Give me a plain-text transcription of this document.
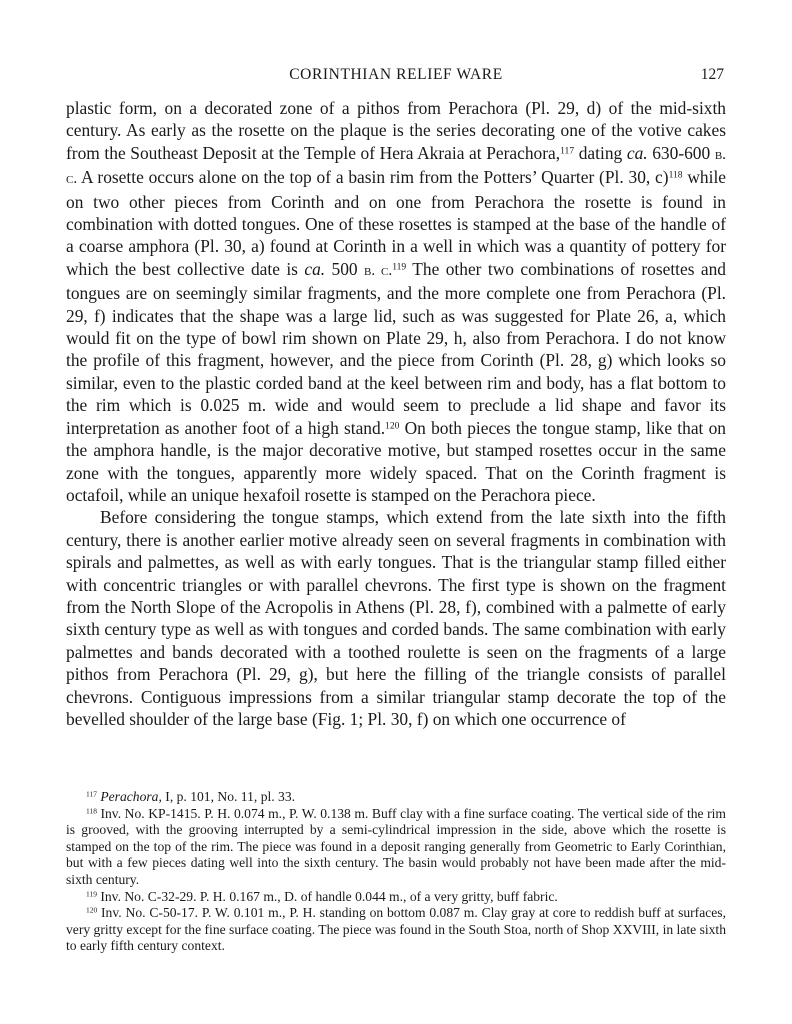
CORINTHIAN RELIEF WARE	127

plastic form, on a decorated zone of a pithos from Perachora (Pl. 29, d) of the mid-sixth century. As early as the rosette on the plaque is the series decorating one of the votive cakes from the Southeast Deposit at the Temple of Hera Akraia at Perachora,$^{117}$ dating ca. 630-600 b. c. A rosette occurs alone on the top of a basin rim from the Potters’ Quarter (Pl. 30, c)$^{118}$ while on two other pieces from Corinth and on one from Perachora the rosette is found in combination with dotted tongues. One of these rosettes is stamped at the base of the handle of a coarse amphora (Pl. 30, a) found at Corinth in a well in which was a quantity of pottery for which the best collective date is ca. 500 b. c.$^{119}$ The other two combinations of rosettes and tongues are on seemingly similar fragments, and the more complete one from Perachora (Pl. 29, f) indicates that the shape was a large lid, such as was suggested for Plate 26, a, which would fit on the type of bowl rim shown on Plate 29, h, also from Perachora. I do not know the profile of this fragment, however, and the piece from Corinth (Pl. 28, g) which looks so similar, even to the plastic corded band at the keel between rim and body, has a flat bottom to the rim which is 0.025 m. wide and would seem to preclude a lid shape and favor its interpretation as another foot of a high stand.$^{120}$ On both pieces the tongue stamp, like that on the amphora handle, is the major decorative motive, but stamped rosettes occur in the same zone with the tongues, apparently more widely spaced. That on the Corinth fragment is octafoil, while an unique hexafoil rosette is stamped on the Perachora piece.

Before considering the tongue stamps, which extend from the late sixth into the fifth century, there is another earlier motive already seen on several fragments in combination with spirals and palmettes, as well as with early tongues. That is the triangular stamp filled either with concentric triangles or with parallel chevrons. The first type is shown on the fragment from the North Slope of the Acropolis in Athens (Pl. 28, f), combined with a palmette of early sixth century type as well as with tongues and corded bands. The same combination with early palmettes and bands decorated with a toothed roulette is seen on the fragments of a large pithos from Perachora (Pl. 29, g), but here the filling of the triangle consists of parallel chevrons. Contiguous impressions from a similar triangular stamp decorate the top of the bevelled shoulder of the large base (Fig. 1; Pl. 30, f) on which one occurrence of

$^{117}$ Perachora, I, p. 101, No. 11, pl. 33.

$^{118}$ Inv. No. KP-1415. P. H. 0.074 m., P. W. 0.138 m. Buff clay with a fine surface coating. The vertical side of the rim is grooved, with the grooving interrupted by a semi-cylindrical impression in the side, above which the rosette is stamped on the top of the rim. The piece was found in a deposit ranging generally from Geometric to Early Corinthian, but with a few pieces dating well into the sixth century. The basin would probably not have been made after the mid-sixth century.

$^{119}$ Inv. No. C-32-29. P. H. 0.167 m., D. of handle 0.044 m., of a very gritty, buff fabric.

$^{120}$ Inv. No. C-50-17. P. W. 0.101 m., P. H. standing on bottom 0.087 m. Clay gray at core to reddish buff at surfaces, very gritty except for the fine surface coating. The piece was found in the South Stoa, north of Shop XXVIII, in late sixth to early fifth century context.
